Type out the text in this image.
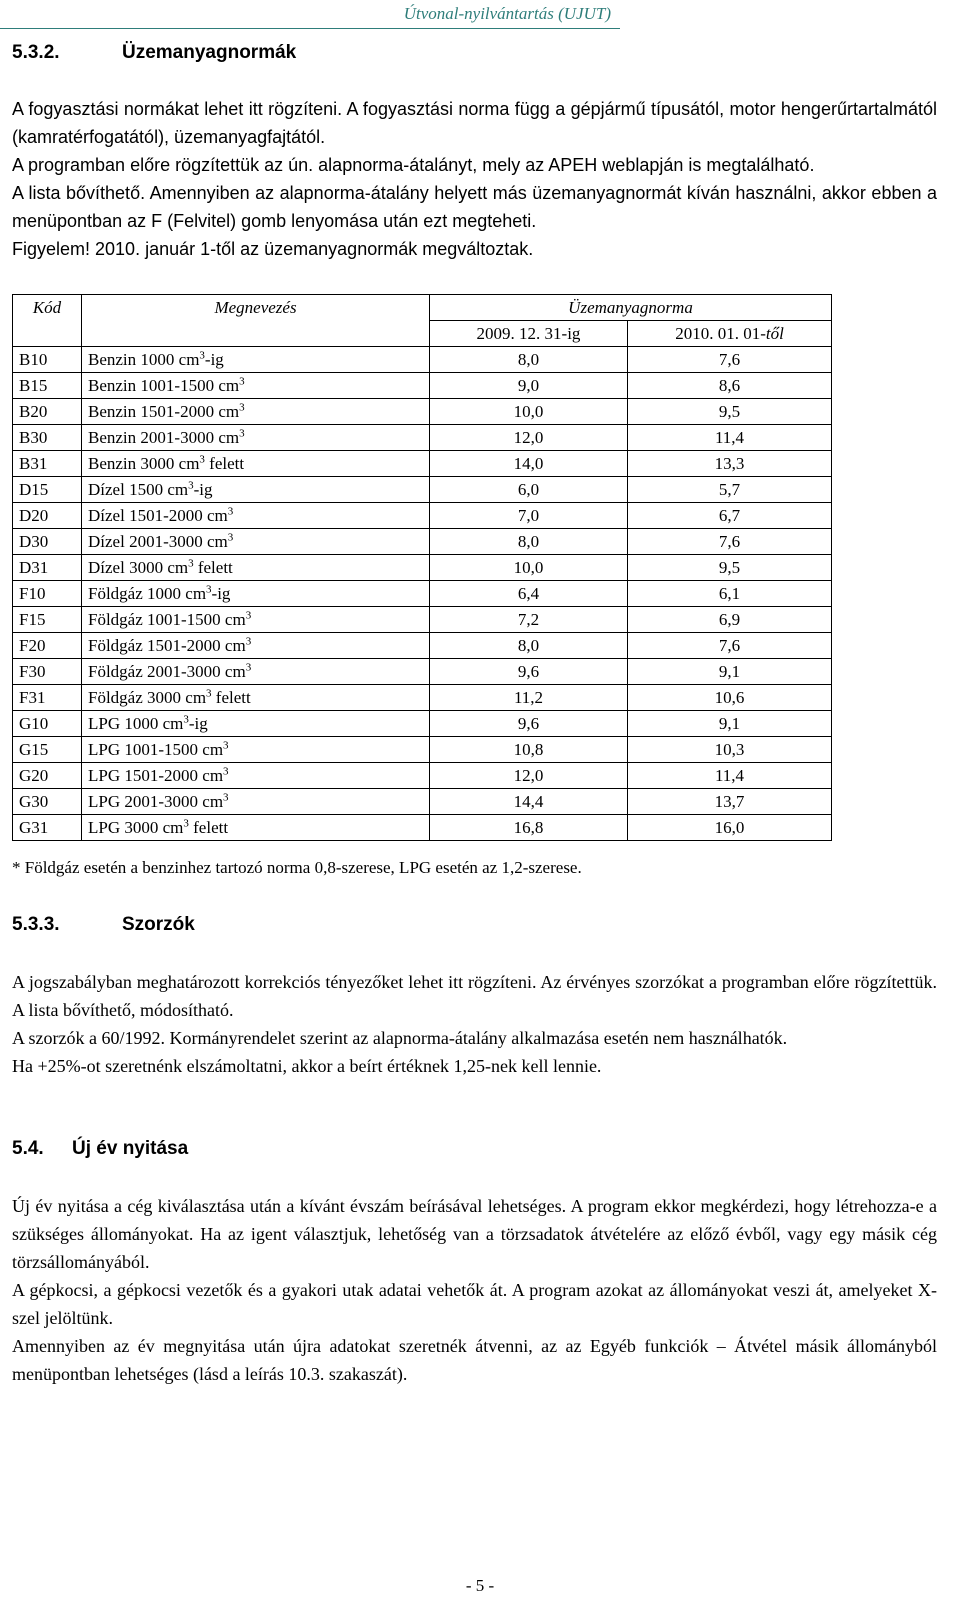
Útvonal-nyilvántartás (UJUT)
5.3.2.	Üzemanyagnormák

A fogyasztási normákat lehet itt rögzíteni. A fogyasztási norma függ a gépjármű típusától, motor hengerűrtartalmától (kamratérfogatától), üzemanyagfajtától.

A programban előre rögzítettük az ún. alapnorma-átalányt, mely az APEH weblapján is megtalálható.

A lista bővíthető. Amennyiben az alapnorma-átalány helyett más üzemanyagnormát kíván használni, akkor ebben a menüpontban az F (Felvitel) gomb lenyomása után ezt megteheti.

Figyelem! 2010. január 1-től az üzemanyagnormák megváltoztak.

Kód	Megnevezés	Üzemanyagnorma	
		2009. 12. 31-ig	2010. 01. 01-től
B10	Benzin 1000 $cm^3-ig$	8,0	7,6
B15	Benzin 1001-1500 $cm^3$	9,0	8,6
B20	Benzin 1501-2000 $cm^3$	10,0	9,5
B30	Benzin 2001-3000 $cm^3$	12,0	11,4
B31	Benzin 3000 $cm^3$ felett	14,0	13,3
D15	Dízel 1500 $cm^3-ig$	6,0	5,7
D20	Dízel 1501-2000 $cm^3$	7,0	6,7
D30	Dízel 2001-3000 $cm^3$	8,0	7,6
D31	Dízel 3000 $cm^3$ felett	10,0	9,5
F10	Földgáz 1000 $cm^3-ig$	6,4	6,1
F15	Földgáz 1001-1500 $cm^3$	7,2	6,9
F20	Földgáz 1501-2000 $cm^3$	8,0	7,6
F30	Földgáz 2001-3000 $cm^3$	9,6	9,1
F31	Földgáz 3000 $cm^3$ felett	11,2	10,6
G10	LPG 1000 $cm^3-ig$	9,6	9,1
G15	LPG 1001-1500 $cm^3$	10,8	10,3
G20	LPG 1501-2000 $cm^3$	12,0	11,4
G30	LPG 2001-3000 $cm^3$	14,4	13,7
G31	LPG 3000 $cm^3$ felett	16,8	16,0
* Földgáz esetén a benzinhez tartozó norma 0,8-szerese, LPG esetén az 1,2-szerese.
5.3.3.	Szorzók

A jogszabályban meghatározott korrekciós tényezőket lehet itt rögzíteni. Az érvényes szorzókat a programban előre rögzítettük. A lista bővíthető, módosítható.

A szorzók a 60/1992. Kormányrendelet szerint az alapnorma-átalány alkalmazása esetén nem használhatók.

Ha +25%-ot szeretnénk elszámoltatni, akkor a beírt értéknek 1,25-nek kell lennie.

5.4. Új év nyitása

Új év nyitása a cég kiválasztása után a kívánt évszám beírásával lehetséges. A program ekkor megkérdezi, hogy létrehozza-e a szükséges állományokat. Ha az igent választjuk, lehetőség van a törzsadatok átvételére az előző évből, vagy egy másik cég törzsállományából.

A gépkocsi, a gépkocsi vezetők és a gyakori utak adatai vehetők át. A program azokat az állományokat veszi át, amelyeket X-szel jelöltünk.

Amennyiben az év megnyitása után újra adatokat szeretnék átvenni, az az Egyéb funkciók – Átvétel másik állományból menüpontban lehetséges (lásd a leírás 10.3. szakaszát).

- 5 -
